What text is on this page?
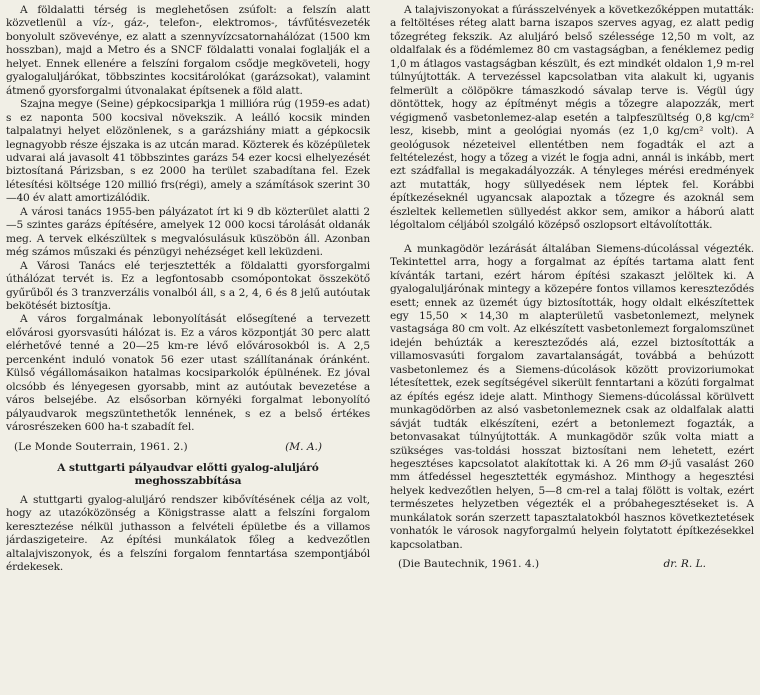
A földalatti térség is meglehetősen zsúfolt: a felszín alatt közvetlenül a víz-, gáz-, telefon-, elektromos-, távfűtésvezeték bonyolult szövevénye, ez alatt a szennyvízcsatornahálózat (1500 km hosszban), majd a Metro és a SNCF földalatti vonalai foglalják el a helyet. Ennek ellenére a felszíni forgalom csődje megköveteli, hogy gyalogaluljárókat, többszintes kocsitárolókat (garázsokat), valamint átmenő gyorsforgalmi útvonalakat építsenek a föld alatt.

Szajna megye (Seine) gépkocsiparkja 1 millióra rúg (1959-es adat) s ez naponta 500 kocsival növekszik. A leálló kocsik minden talpalatnyi helyet elözönlenek, s a garázshiány miatt a gépkocsik legnagyobb része éjszaka is az utcán marad. Közterek és középületek udvarai alá javasolt 41 többszintes garázs 54 ezer kocsi elhelyezését biztosítaná Párizsban, s ez 2000 ha terület szabadítana fel. Ezek létesítési költsége 120 millió frs(régi), amely a számítások szerint 30—40 év alatt amortizálódik.

A városi tanács 1955-ben pályázatot írt ki 9 db közterület alatti 2—5 szintes garázs építésére, amelyek 12 000 kocsi tárolását oldanák meg. A tervek elkészültek s megvalósulásuk küszöbön áll. Azonban még számos műszaki és pénzügyi nehézséget kell leküzdeni.

A Városi Tanács elé terjesztették a földalatti gyorsforgalmi úthálózat tervét is. Ez a legfontosabb csomópontokat összekötő gyűrűből és 3 tranzverzális vonalból áll, s a 2, 4, 6 és 8 jelű autóutak bekötését biztosítja.

A város forgalmának lebonyolítását elősegítené a tervezett elővárosi gyorsvasúti hálózat is. Ez a város központját 30 perc alatt elérhetővé tenné a 20—25 km-re lévő elővárosokból is. A 2,5 percenként induló vonatok 56 ezer utast szállítanának óránként. Külső végállomásaikon hatalmas kocsiparkolók épülnének. Ez jóval olcsóbb és lényegesen gyorsabb, mint az autóutak bevezetése a város belsejébe. Az elsősorban környéki forgalmat lebonyolító pályaudvarok megszüntethetők lennének, s ez a belső értékes városrészeken 600 ha-t szabadít fel.

(Le Monde Souterrain, 1961. 2.)	(M. A.)
A stuttgarti pályaudvar előtti gyalog-aluljáró meghosszabbítása

A stuttgarti gyalog-aluljáró rendszer kibővítésének célja az volt, hogy az utazóközönség a Königstrasse alatt a felszíni forgalom keresztezése nélkül juthasson a felvételi épületbe és a villamos járdaszigeteire. Az építési munkálatok főleg a kedvezőtlen altalajviszonyok, és a felszíni forgalom fenntartása szempontjából érdekesek.

A talajviszonyokat a fúrásszelvények a következőképpen mutatták: a feltöltéses réteg alatt barna iszapos szerves agyag, ez alatt pedig tőzegréteg fekszik. Az aluljáró belső szélessége 12,50 m volt, az oldalfalak és a födémlemez 80 cm vastagságban, a fenéklemez pedig 1,0 m átlagos vastagságban készült, és ezt mindkét oldalon 1,9 m-rel túlnyújtották. A tervezéssel kapcsolatban vita alakult ki, ugyanis felmerült a cölöpökre támaszkodó sávalap terve is. Végül úgy döntöttek, hogy az építményt mégis a tőzegre alapozzák, mert végigmenő vasbetonlemez-alap esetén a talpfeszültség 0,8 kg/cm² lesz, kisebb, mint a geológiai nyomás (ez 1,0 kg/cm² volt). A geológusok nézeteivel ellentétben nem fogadták el azt a feltételezést, hogy a tőzeg a vizét le fogja adni, annál is inkább, mert ezt szádfallal is megakadályozzák. A tényleges mérési eredmények azt mutatták, hogy süllyedések nem léptek fel. Korábbi építkezéseknél ugyancsak alapoztak a tőzegre és azoknál sem észleltek kellemetlen süllyedést akkor sem, amikor a háború alatt légoltalom céljából szolgáló középső oszlopsort eltávolították.

A munkagödör lezárását általában Siemens-dúcolással végezték. Tekintettel arra, hogy a forgalmat az építés tartama alatt fent kívánták tartani, ezért három építési szakaszt jelöltek ki. A gyalogaluljárónak mintegy a közepére fontos villamos kereszteződés esett; ennek az üzemét úgy biztosították, hogy oldalt elkészítettek egy 15,50 × 14,30 m alapterületű vasbetonlemezt, melynek vastagsága 80 cm volt. Az elkészített vasbetonlemezt forgalomszünet idején behúzták a kereszteződés alá, ezzel biztosították a villamosvasúti forgalom zavartalanságát, továbbá a behúzott vasbetonlemez és a Siemens-dúcolások között provizoriumokat létesítettek, ezek segítségével sikerült fenntartani a közúti forgalmat az építés egész ideje alatt. Minthogy Siemens-dúcolással körülvett munkagödörben az alsó vasbetonlemeznek csak az oldalfalak alatti sávját tudták elkészíteni, ezért a betonlemezt fogazták, a betonvasakat túlnyújtották. A munkagödör szűk volta miatt a szükséges vas-toldási hosszat biztosítani nem lehetett, ezért hegesztéses kapcsolatot alakítottak ki. A 26 mm Ø-jű vasalást 260 mm átfedéssel hegesztették egymáshoz. Minthogy a hegesztési helyek kedvezőtlen helyen, 5—8 cm-rel a talaj fölött is voltak, ezért természetes helyzetben végezték el a próbahegesztéseket is. A munkálatok során szerzett tapasztalatokból hasznos következtetések vonhatók le városok nagyforgalmú helyein folytatott építkezésekkel kapcsolatban.

(Die Bautechnik, 1961. 4.)	dr. R. L.
